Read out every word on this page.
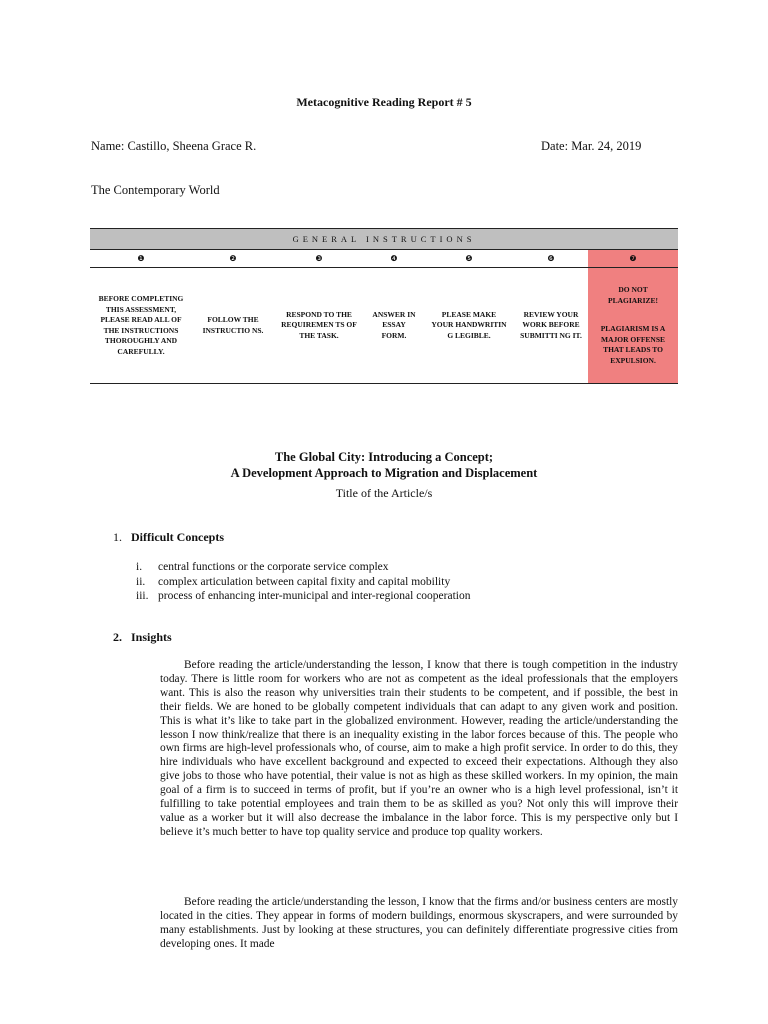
Metacognitive Reading Report # 5
Name: Castillo, Sheena Grace R.	Date: Mar. 24, 2019
The Contemporary World
GENERAL INSTRUCTIONS						
❶	❷	❸	❹	❺	❻	❼
BEFORE COMPLETING THIS ASSESSMENT, PLEASE READ ALL OF THE INSTRUCTIONS THOROUGHLY AND CAREFULLY.	FOLLOW THE INSTRUCTIO NS.	RESPOND TO THE REQUIREMEN TS OF THE TASK.	ANSWER IN ESSAY FORM.	PLEASE MAKE YOUR HANDWRITIN G LEGIBLE.	REVIEW YOUR WORK BEFORE SUBMITTI NG IT.	DO NOT PLAGIARIZE!
PLAGIARISM IS A MAJOR OFFENSE THAT LEADS TO EXPULSION.
The Global City: Introducing a Concept;
A Development Approach to Migration and Displacement
Title of the Article/s
1. Difficult Concepts
i. central functions or the corporate service complex
ii. complex articulation between capital fixity and capital mobility
iii. process of enhancing inter-municipal and inter-regional cooperation
2. Insights
Before reading the article/understanding the lesson, I know that there is tough competition in the industry today. There is little room for workers who are not as competent as the ideal professionals that the employers want. This is also the reason why universities train their students to be competent, and if possible, the best in their fields. We are honed to be globally competent individuals that can adapt to any given work and position. This is what it’s like to take part in the globalized environment. However, reading the article/understanding the lesson I now think/realize that there is an inequality existing in the labor forces because of this. The people who own firms are high-level professionals who, of course, aim to make a high profit service. In order to do this, they hire individuals who have excellent background and expected to exceed their expectations. Although they also give jobs to those who have potential, their value is not as high as these skilled workers. In my opinion, the main goal of a firm is to succeed in terms of profit, but if you’re an owner who is a high level professional, isn’t it fulfilling to take potential employees and train them to be as skilled as you? Not only this will improve their value as a worker but it will also decrease the imbalance in the labor force. This is my perspective only but I believe it’s much better to have top quality service and produce top quality workers.
Before reading the article/understanding the lesson, I know that the firms and/or business centers are mostly located in the cities. They appear in forms of modern buildings, enormous skyscrapers, and were surrounded by many establishments. Just by looking at these structures, you can definitely differentiate progressive cities from developing ones. It made
